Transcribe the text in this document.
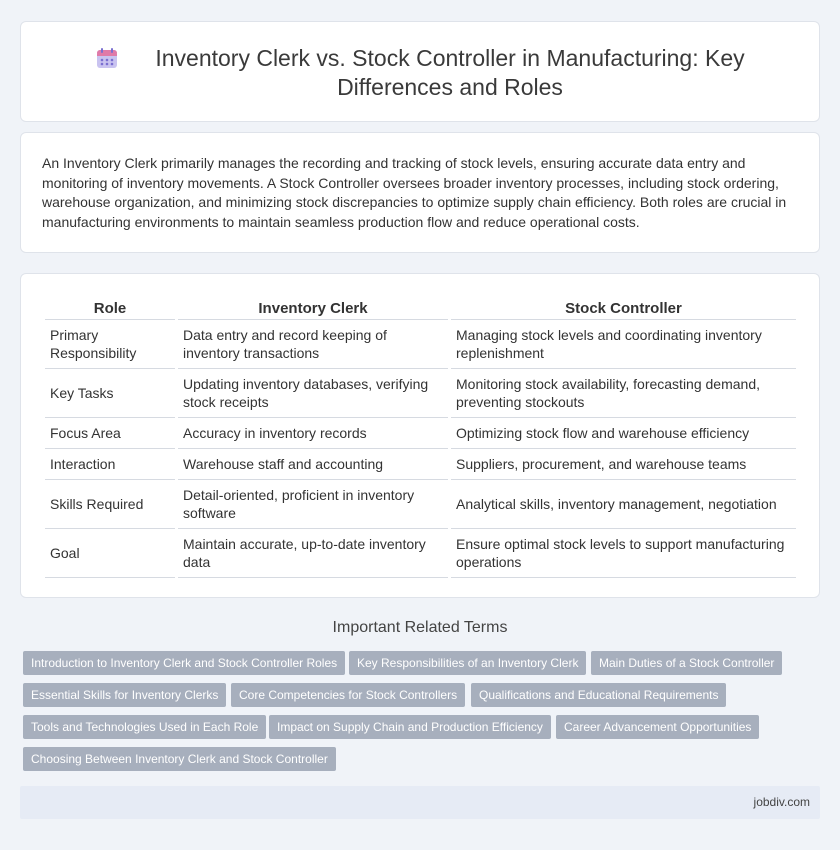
Inventory Clerk vs. Stock Controller in Manufacturing: Key Differences and Roles

An Inventory Clerk primarily manages the recording and tracking of stock levels, ensuring accurate data entry and monitoring of inventory movements. A Stock Controller oversees broader inventory processes, including stock ordering, warehouse organization, and minimizing stock discrepancies to optimize supply chain efficiency. Both roles are crucial in manufacturing environments to maintain seamless production flow and reduce operational costs.

Role	Inventory Clerk	Stock Controller
Primary Responsibility	Data entry and record keeping of inventory transactions	Managing stock levels and coordinating inventory replenishment
Key Tasks	Updating inventory databases, verifying stock receipts	Monitoring stock availability, forecasting demand, preventing stockouts
Focus Area	Accuracy in inventory records	Optimizing stock flow and warehouse efficiency
Interaction	Warehouse staff and accounting	Suppliers, procurement, and warehouse teams
Skills Required	Detail-oriented, proficient in inventory software	Analytical skills, inventory management, negotiation
Goal	Maintain accurate, up-to-date inventory data	Ensure optimal stock levels to support manufacturing operations
Important Related Terms
Introduction to Inventory Clerk and Stock Controller Roles	Key Responsibilities of an Inventory Clerk	Main Duties of a Stock Controller
Essential Skills for Inventory Clerks	Core Competencies for Stock Controllers	Qualifications and Educational Requirements
Tools and Technologies Used in Each Role	Impact on Supply Chain and Production Efficiency	Career Advancement Opportunities
Choosing Between Inventory Clerk and Stock Controller
jobdiv.com
